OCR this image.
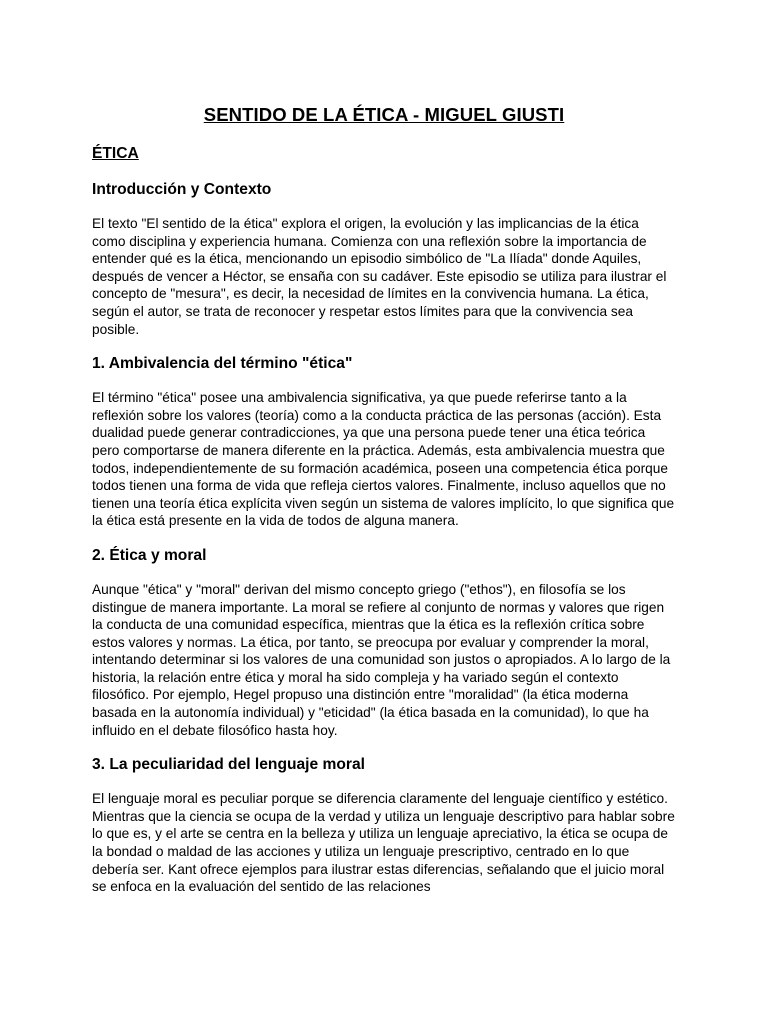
SENTIDO DE LA ÉTICA - MIGUEL GIUSTI
ÉTICA
Introducción y Contexto

El texto "El sentido de la ética" explora el origen, la evolución y las implicancias de la ética como disciplina y experiencia humana. Comienza con una reflexión sobre la importancia de entender qué es la ética, mencionando un episodio simbólico de "La Ilíada" donde Aquiles, después de vencer a Héctor, se ensaña con su cadáver. Este episodio se utiliza para ilustrar el concepto de "mesura", es decir, la necesidad de límites en la convivencia humana. La ética, según el autor, se trata de reconocer y respetar estos límites para que la convivencia sea posible.

1. Ambivalencia del término "ética"

El término "ética" posee una ambivalencia significativa, ya que puede referirse tanto a la reflexión sobre los valores (teoría) como a la conducta práctica de las personas (acción). Esta dualidad puede generar contradicciones, ya que una persona puede tener una ética teórica pero comportarse de manera diferente en la práctica. Además, esta ambivalencia muestra que todos, independientemente de su formación académica, poseen una competencia ética porque todos tienen una forma de vida que refleja ciertos valores. Finalmente, incluso aquellos que no tienen una teoría ética explícita viven según un sistema de valores implícito, lo que significa que la ética está presente en la vida de todos de alguna manera.

2. Ética y moral

Aunque "ética" y "moral" derivan del mismo concepto griego ("ethos"), en filosofía se los distingue de manera importante. La moral se refiere al conjunto de normas y valores que rigen la conducta de una comunidad específica, mientras que la ética es la reflexión crítica sobre estos valores y normas. La ética, por tanto, se preocupa por evaluar y comprender la moral, intentando determinar si los valores de una comunidad son justos o apropiados. A lo largo de la historia, la relación entre ética y moral ha sido compleja y ha variado según el contexto filosófico. Por ejemplo, Hegel propuso una distinción entre "moralidad" (la ética moderna basada en la autonomía individual) y "eticidad" (la ética basada en la comunidad), lo que ha influido en el debate filosófico hasta hoy.

3. La peculiaridad del lenguaje moral

El lenguaje moral es peculiar porque se diferencia claramente del lenguaje científico y estético. Mientras que la ciencia se ocupa de la verdad y utiliza un lenguaje descriptivo para hablar sobre lo que es, y el arte se centra en la belleza y utiliza un lenguaje apreciativo, la ética se ocupa de la bondad o maldad de las acciones y utiliza un lenguaje prescriptivo, centrado en lo que debería ser. Kant ofrece ejemplos para ilustrar estas diferencias, señalando que el juicio moral se enfoca en la evaluación del sentido de las relaciones
